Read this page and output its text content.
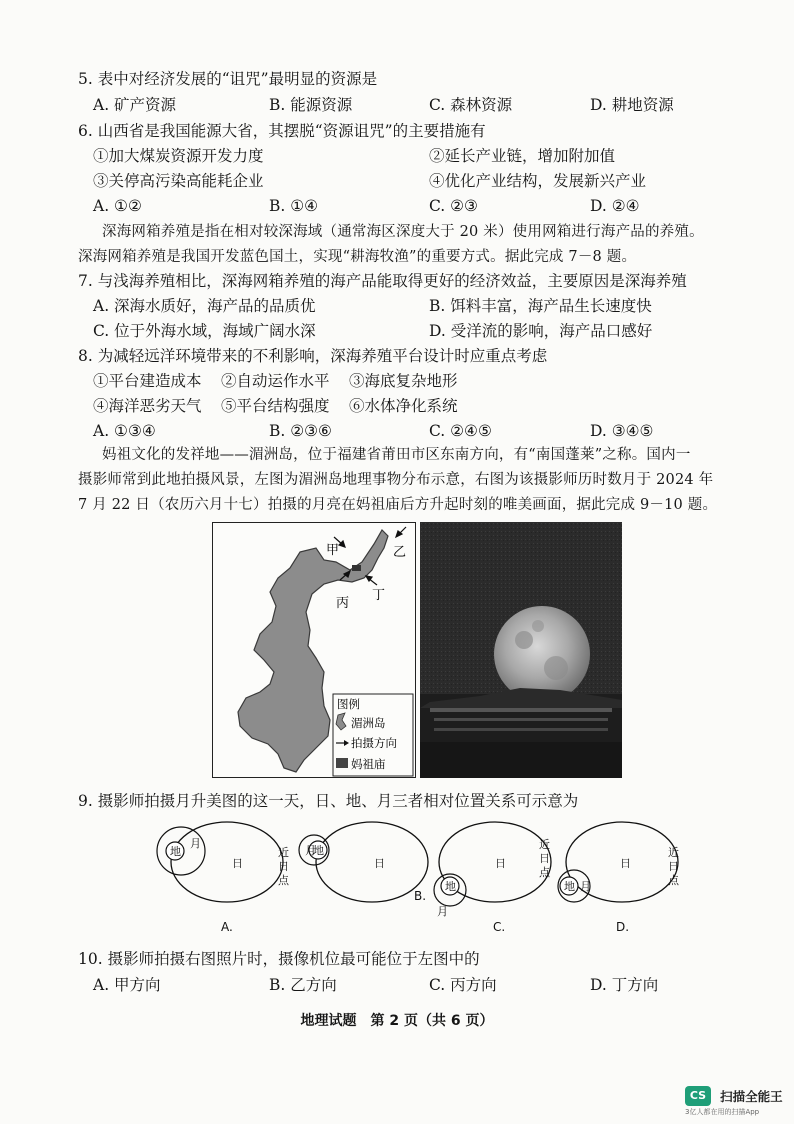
5. 表中对经济发展的“诅咒”最明显的资源是
A. 矿产资源	B. 能源资源	C. 森林资源	D. 耕地资源
6. 山西省是我国能源大省，其摆脱“资源诅咒”的主要措施有
①加大煤炭资源开发力度	②延长产业链，增加附加值
③关停高污染高能耗企业	④优化产业结构，发展新兴产业
A. ①②	B. ①④	C. ②③	D. ②④
深海网箱养殖是指在相对较深海域（通常海区深度大于 20 米）使用网箱进行海产品的养殖。
深海网箱养殖是我国开发蓝色国土，实现“耕海牧渔”的重要方式。据此完成 7－8 题。
7. 与浅海养殖相比，深海网箱养殖的海产品能取得更好的经济效益，主要原因是深海养殖
A. 深海水质好，海产品的品质优	B. 饵料丰富，海产品生长速度快
C. 位于外海水域，海域广阔水深	D. 受洋流的影响，海产品口感好
8. 为减轻远洋环境带来的不利影响，深海养殖平台设计时应重点考虑
①平台建造成本 ②自动运作水平 ③海底复杂地形
④海洋恶劣天气 ⑤平台结构强度 ⑥水体净化系统
A. ①③④	B. ②③⑥	C. ②④⑤	D. ③④⑤
妈祖文化的发祥地——湄洲岛，位于福建省莆田市区东南方向，有“南国蓬莱”之称。国内一
摄影师常到此地拍摄风景，左图为湄洲岛地理事物分布示意，右图为该摄影师历时数月于 2024 年
7 月 22 日（农历六月十七）拍摄的月亮在妈祖庙后方升起时刻的唯美画面，据此完成 9－10 题。
甲	乙
丙
丁
图例
湄洲岛
拍摄方向
妈祖庙
9. 摄影师拍摄月升美图的这一天，日、地、月三者相对位置关系可示意为
地
月
日
近
日
点
A.
月
地
日
B.
地
月
日
近
日
点
C.
地 月
日
近
日
点
D.
10. 摄影师拍摄右图照片时，摄像机位最可能位于左图中的
A. 甲方向	B. 乙方向	C. 丙方向	D. 丁方向
地理试题　第 2 页（共 6 页）
CS 扫描全能王
3亿人都在用的扫描App
